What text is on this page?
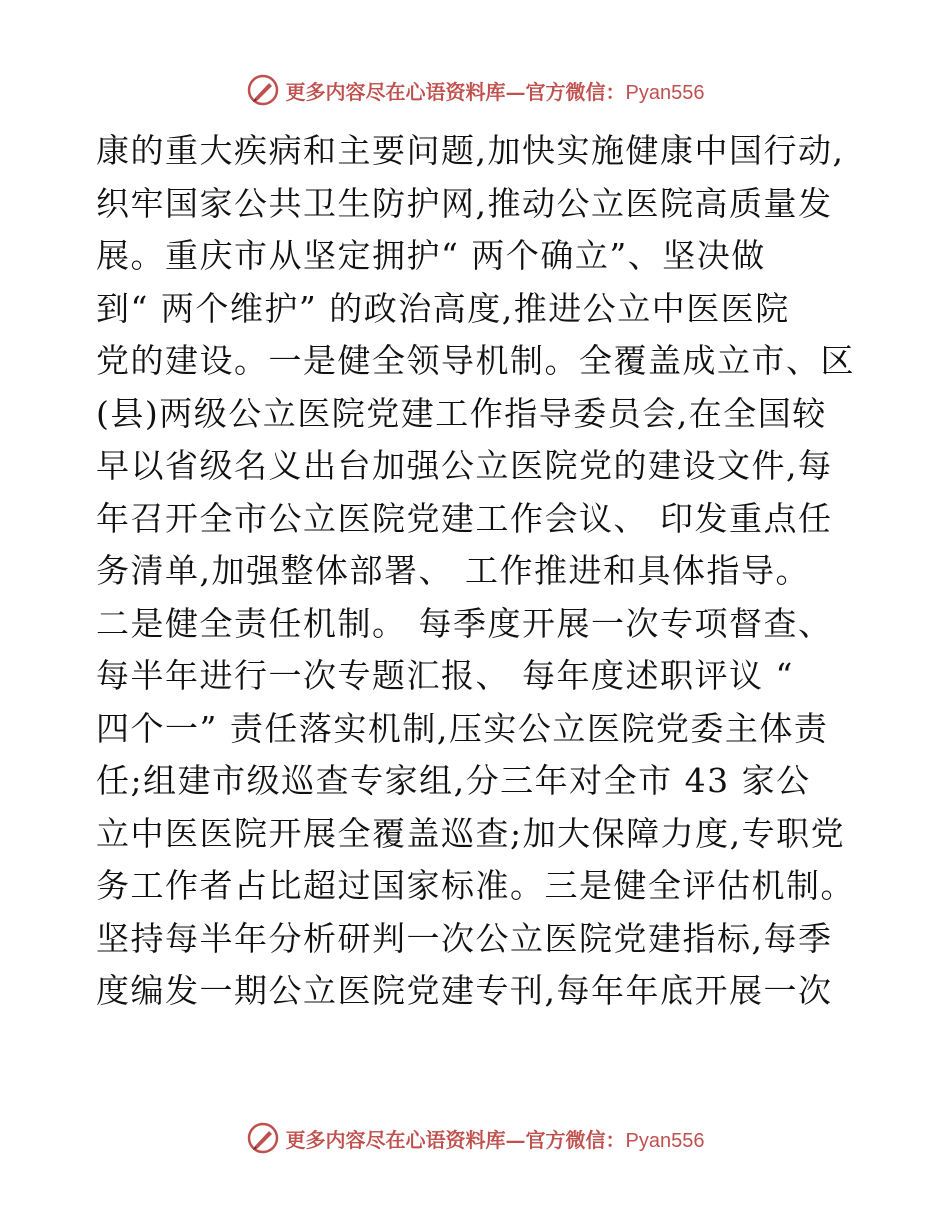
更多内容尽在心语资料库—官方微信：Pyan556
康的重大疾病和主要问题,加快实施健康中国行动,
织牢国家公共卫生防护网,推动公立医院高质量发
展。重庆市从坚定拥护“ 两个确立”、坚决做
到“ 两个维护” 的政治高度,推进公立中医医院
党的建设。一是健全领导机制。全覆盖成立市、区
(县)两级公立医院党建工作指导委员会,在全国较
早以省级名义出台加强公立医院党的建设文件,每
年召开全市公立医院党建工作会议、 印发重点任
务清单,加强整体部署、 工作推进和具体指导。
二是健全责任机制。 每季度开展一次专项督查、
每半年进行一次专题汇报、 每年度述职评议 “
四个一” 责任落实机制,压实公立医院党委主体责
任;组建市级巡查专家组,分三年对全市 43 家公
立中医医院开展全覆盖巡查;加大保障力度,专职党
务工作者占比超过国家标准。三是健全评估机制。
坚持每半年分析研判一次公立医院党建指标,每季
度编发一期公立医院党建专刊,每年年底开展一次
更多内容尽在心语资料库—官方微信：Pyan556
